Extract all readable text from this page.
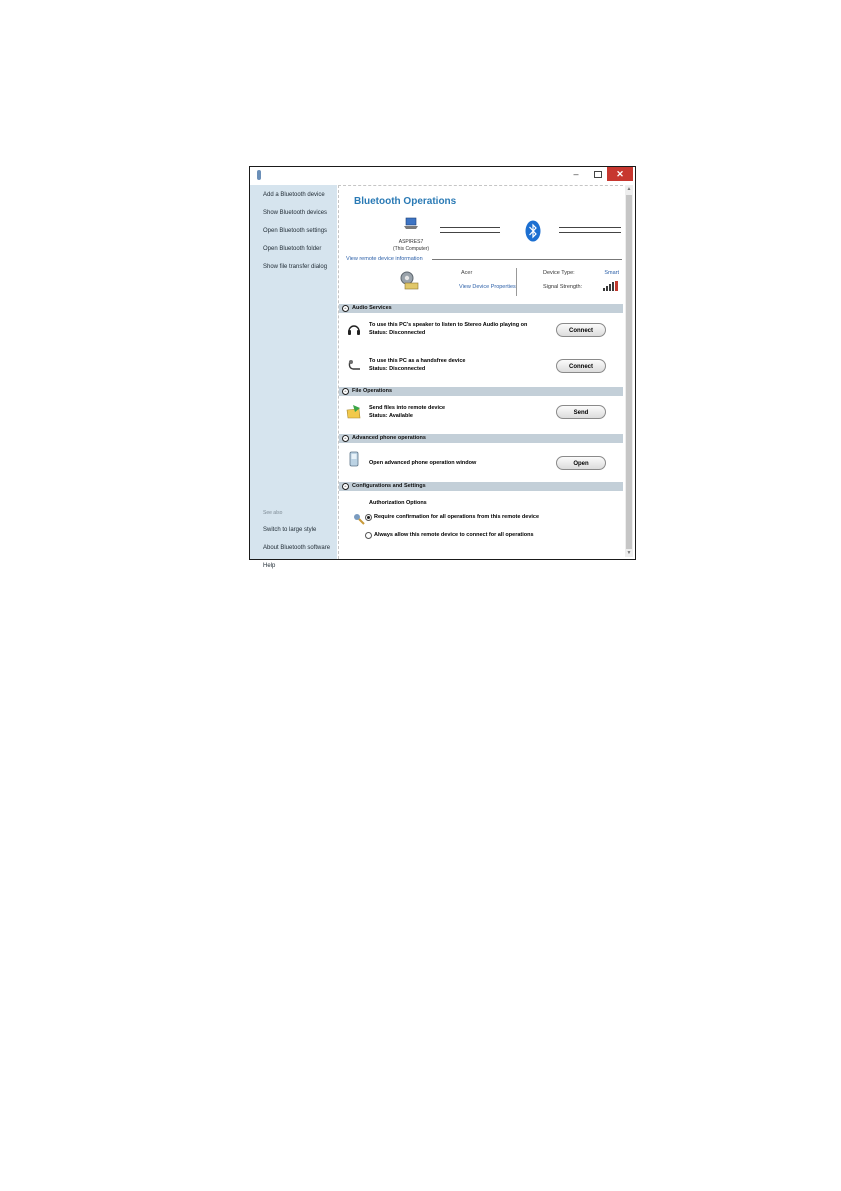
–	✕
Add a Bluetooth device
Show Bluetooth devices
Open Bluetooth settings
Open Bluetooth folder
Show file transfer dialog
See also
Switch to large style
About Bluetooth software
Help
Bluetooth Operations
ASPIRES7
(This Computer)
View remote device information
Acer
View Device Properties
Device Type:	Smart
Signal Strength:
^	Audio Services
To use this PC's speaker to listen to Stereo Audio playing on
Status: Disconnected	Connect
To use this PC as a handsfree device
Status: Disconnected	Connect
^	File Operations
Send files into remote device
Status: Available	Send
^	Advanced phone operations
Open advanced phone operation window	Open
^	Configurations and Settings
Authorization Options
Require confirmation for all operations from this remote device
Always allow this remote device to connect for all operations
▲
▼
